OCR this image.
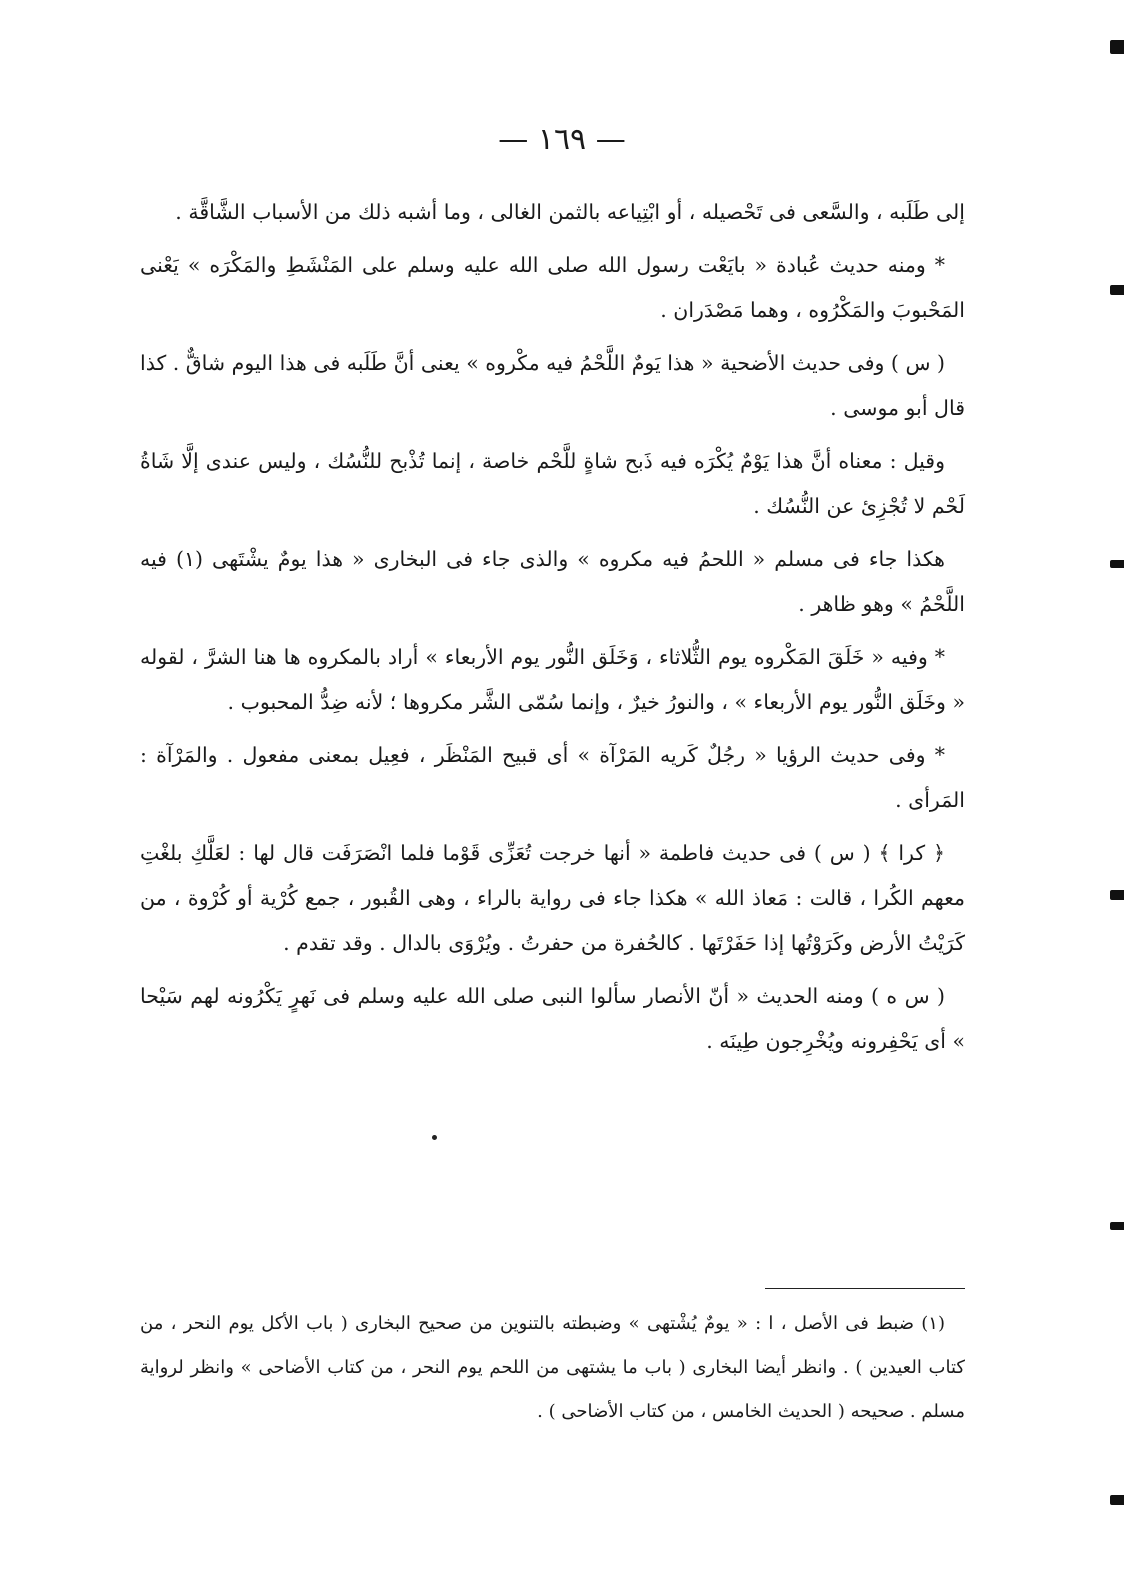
— ١٦٩ —

إلى طَلَبه ، والسَّعى فى تَحْصيله ، أو ابْتِياعه بالثمن الغالى ، وما أشبه ذلك من الأسباب الشَّاقَّة .

* ومنه حديث عُبادة « بايَعْت رسول الله صلى الله عليه وسلم على المَنْشَطِ والمَكْرَه » يَعْنى المَحْبوبَ والمَكْرُوه ، وهما مَصْدَران .

( س ) وفى حديث الأضحية « هذا يَومٌ اللَّحْمُ فيه مكْروه » يعنى أنَّ طَلَبه فى هذا اليوم شاقٌّ . كذا قال أبو موسى .

وقيل : معناه أنَّ هذا يَوْمٌ يُكْرَه فيه ذَبح شاةٍ للَّحْم خاصة ، إنما تُذْبح للنُّسُك ، وليس عندى إلَّا شَاةُ لَحْم لا تُجْزِئ عن النُّسُك .

هكذا جاء فى مسلم « اللحمُ فيه مكروه » والذى جاء فى البخارى « هذا يومٌ يشْتَهى (١) فيه اللَّحْمُ » وهو ظاهر .

* وفيه « خَلَقَ المَكْروه يوم الثُّلاثاء ، وَخَلَق النُّور يوم الأربعاء » أراد بالمكروه ها هنا الشرَّ ، لقوله « وخَلَق النُّور يوم الأربعاء » ، والنورُ خيرٌ ، وإنما سُمّى الشَّر مكروها ؛ لأنه ضِدُّ المحبوب .

* وفى حديث الرؤيا « رجُلٌ كَريه المَرْآة » أى قبيح المَنْظَر ، فعِيل بمعنى مفعول . والمَرْآة : المَرأى .

﴿ كرا ﴾ ( س ) فى حديث فاطمة « أنها خرجت تُعَزِّى قَوْما فلما انْصَرَفَت قال لها : لعَلَّكِ بلغْتِ معهم الكُرا ، قالت : مَعاذ الله » هكذا جاء فى رواية بالراء ، وهى القُبور ، جمع كُرْية أو كُرْوة ، من كَرَيْتُ الأرض وكَرَوْتُها إذا حَفَرْتَها . كالحُفرة من حفرتُ . ويُرْوَى بالدال . وقد تقدم .

( س ه ) ومنه الحديث « أنّ الأنصار سألوا النبى صلى الله عليه وسلم فى نَهرٍ يَكْرُونه لهم سَيْحا » أى يَحْفِرونه ويُخْرِجون طِينَه .

(١) ضبط فى الأصل ، ا : « يومٌ يُشْتهى » وضبطته بالتنوين من صحيح البخارى ( باب الأكل يوم النحر ، من كتاب العيدين ) . وانظر أيضا البخارى ( باب ما يشتهى من اللحم يوم النحر ، من كتاب الأضاحى » وانظر لرواية مسلم . صحيحه ( الحديث الخامس ، من كتاب الأضاحى ) .
